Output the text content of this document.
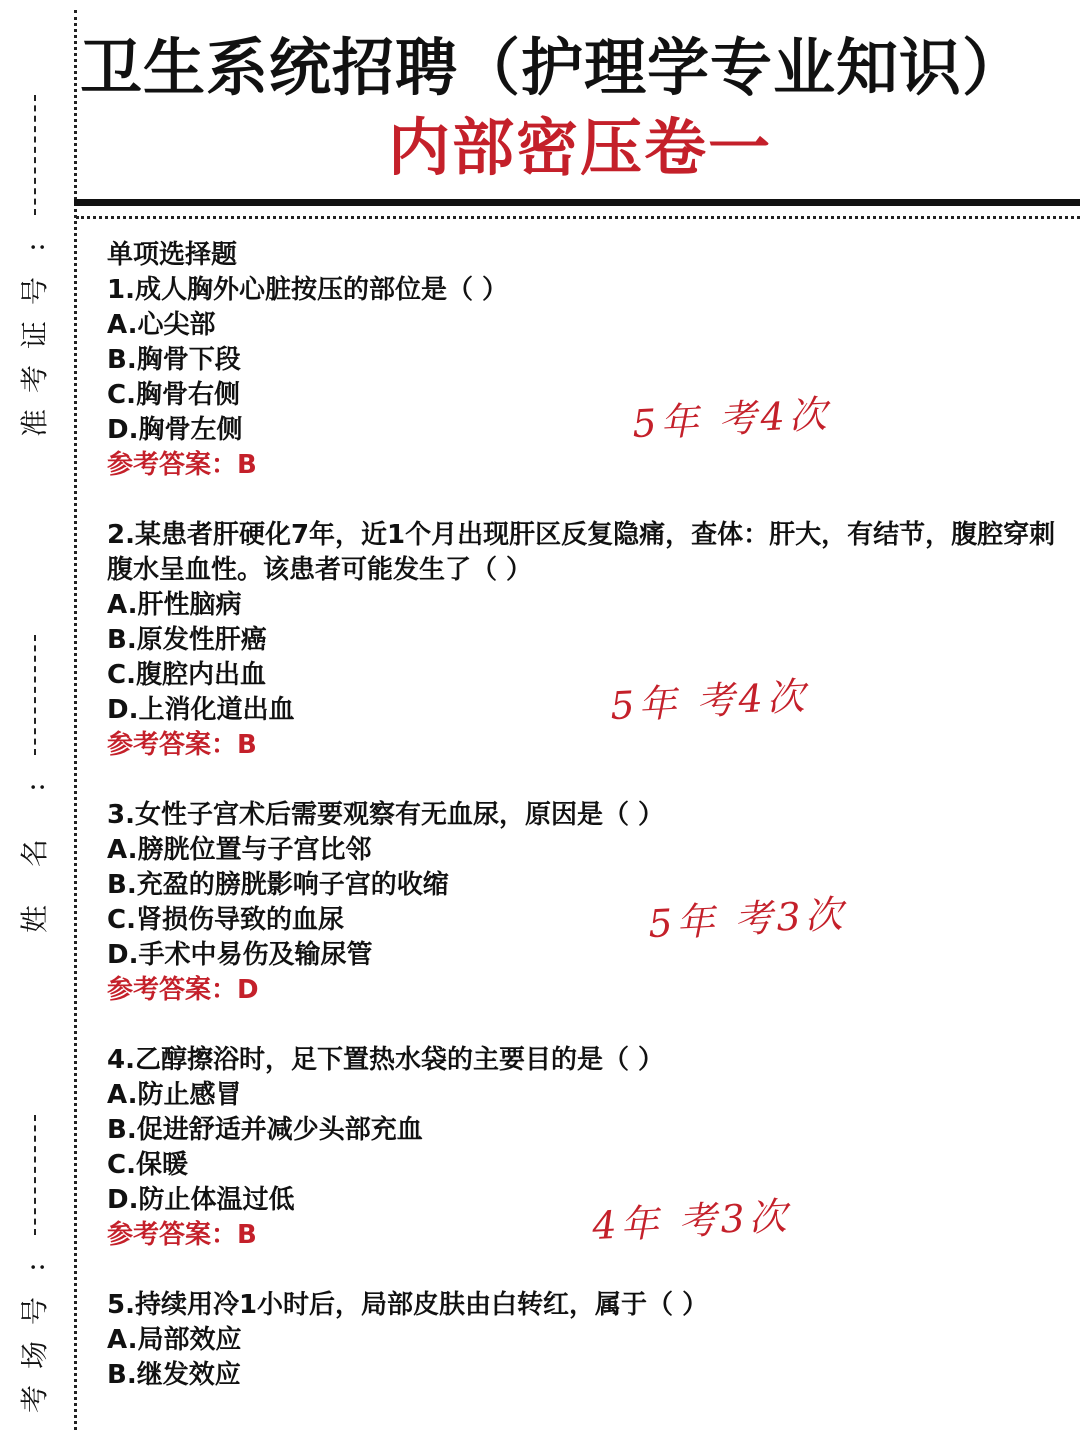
:
号
证
考
准
:
名
姓
:
号
场
考
卫生系统招聘（护理学专业知识）
内部密压卷一

单项选择题

1.成人胸外心脏按压的部位是（ ）

A.心尖部

B.胸骨下段

C.胸骨右侧

D.胸骨左侧

参考答案：B

2.某患者肝硬化7年，近1个月出现肝区反复隐痛，查体：肝大，有结节，腹腔穿刺腹水呈血性。该患者可能发生了（ ）

A.肝性脑病

B.原发性肝癌

C.腹腔内出血

D.上消化道出血

参考答案：B

3.女性子宫术后需要观察有无血尿，原因是（ ）

A.膀胱位置与子宫比邻

B.充盈的膀胱影响子宫的收缩

C.肾损伤导致的血尿

D.手术中易伤及输尿管

参考答案：D

4.乙醇擦浴时，足下置热水袋的主要目的是（ ）

A.防止感冒

B.促进舒适并减少头部充血

C.保暖

D.防止体温过低

参考答案：B

5.持续用冷1小时后，局部皮肤由白转红，属于（ ）

A.局部效应

B.继发效应

5年 考4次
5年 考4次
5年 考3次
4年 考3次
